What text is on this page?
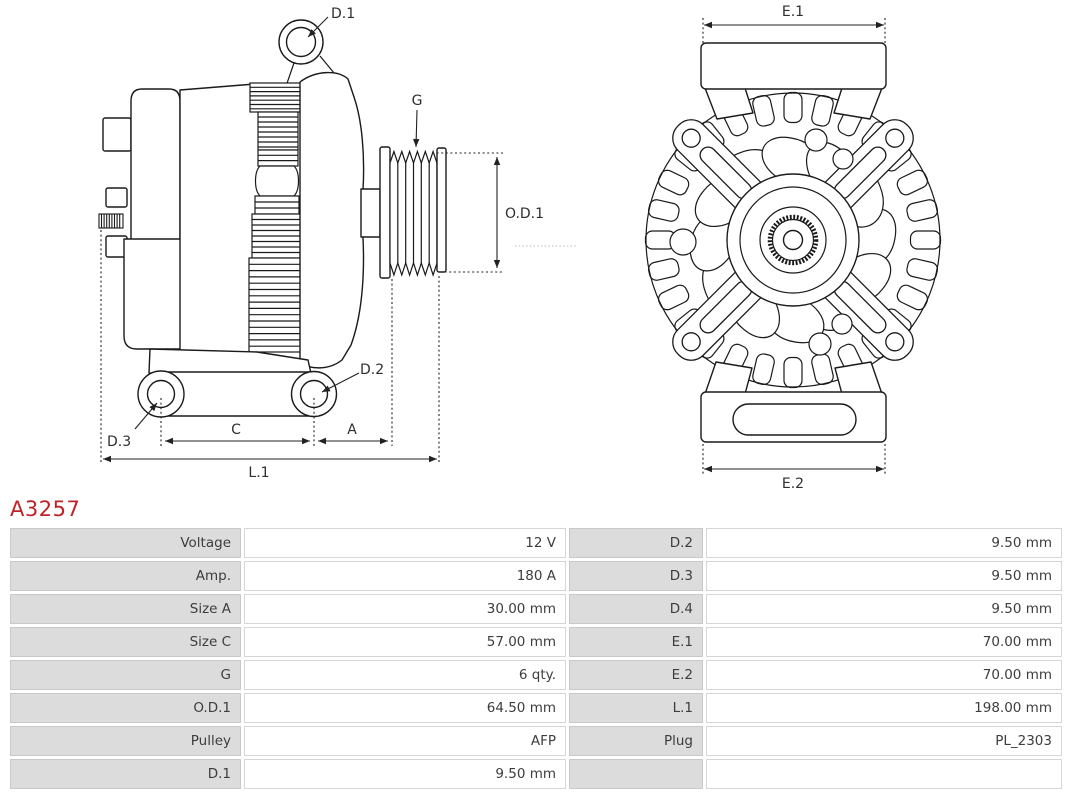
D.1
G
O.D.1
D.2
D.3
C	A
L.1
E.1
E.2
A3257
Voltage	12 V	D.2	9.50 mm
Amp.	180 A	D.3	9.50 mm
Size A	30.00 mm	D.4	9.50 mm
Size C	57.00 mm	E.1	70.00 mm
G	6 qty.	E.2	70.00 mm
O.D.1	64.50 mm	L.1	198.00 mm
Pulley	AFP	Plug	PL_2303
D.1	9.50 mm		
